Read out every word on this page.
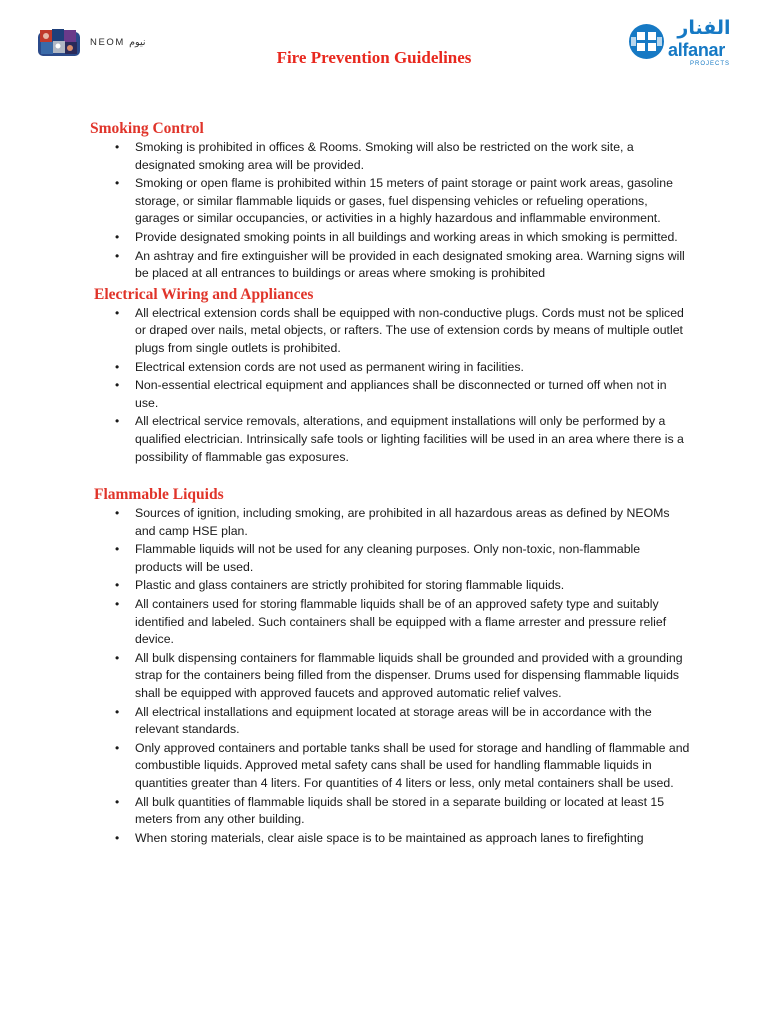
NEOM نيوم
الفنار
alfanar
PROJECTS
Fire Prevention Guidelines
Smoking Control
• Smoking is prohibited in offices & Rooms. Smoking will also be restricted on the work site, a designated smoking area will be provided.
• Smoking or open flame is prohibited within 15 meters of paint storage or paint work areas, gasoline storage, or similar flammable liquids or gases, fuel dispensing vehicles or refueling operations, garages or similar occupancies, or activities in a highly hazardous and inflammable environment.
• Provide designated smoking points in all buildings and working areas in which smoking is permitted.
• An ashtray and fire extinguisher will be provided in each designated smoking area. Warning signs will be placed at all entrances to buildings or areas where smoking is prohibited
Electrical Wiring and Appliances
• All electrical extension cords shall be equipped with non-conductive plugs. Cords must not be spliced or draped over nails, metal objects, or rafters. The use of extension cords by means of multiple outlet plugs from single outlets is prohibited.
• Electrical extension cords are not used as permanent wiring in facilities.
• Non-essential electrical equipment and appliances shall be disconnected or turned off when not in use.
• All electrical service removals, alterations, and equipment installations will only be performed by a qualified electrician. Intrinsically safe tools or lighting facilities will be used in an area where there is a possibility of flammable gas exposures.
Flammable Liquids
• Sources of ignition, including smoking, are prohibited in all hazardous areas as defined by NEOMs and camp HSE plan.
• Flammable liquids will not be used for any cleaning purposes. Only non-toxic, non-flammable products will be used.
• Plastic and glass containers are strictly prohibited for storing flammable liquids.
• All containers used for storing flammable liquids shall be of an approved safety type and suitably identified and labeled. Such containers shall be equipped with a flame arrester and pressure relief device.
• All bulk dispensing containers for flammable liquids shall be grounded and provided with a grounding strap for the containers being filled from the dispenser. Drums used for dispensing flammable liquids shall be equipped with approved faucets and approved automatic relief valves.
• All electrical installations and equipment located at storage areas will be in accordance with the relevant standards.
• Only approved containers and portable tanks shall be used for storage and handling of flammable and combustible liquids. Approved metal safety cans shall be used for handling flammable liquids in quantities greater than 4 liters. For quantities of 4 liters or less, only metal containers shall be used.
• All bulk quantities of flammable liquids shall be stored in a separate building or located at least 15 meters from any other building.
• When storing materials, clear aisle space is to be maintained as approach lanes to firefighting
